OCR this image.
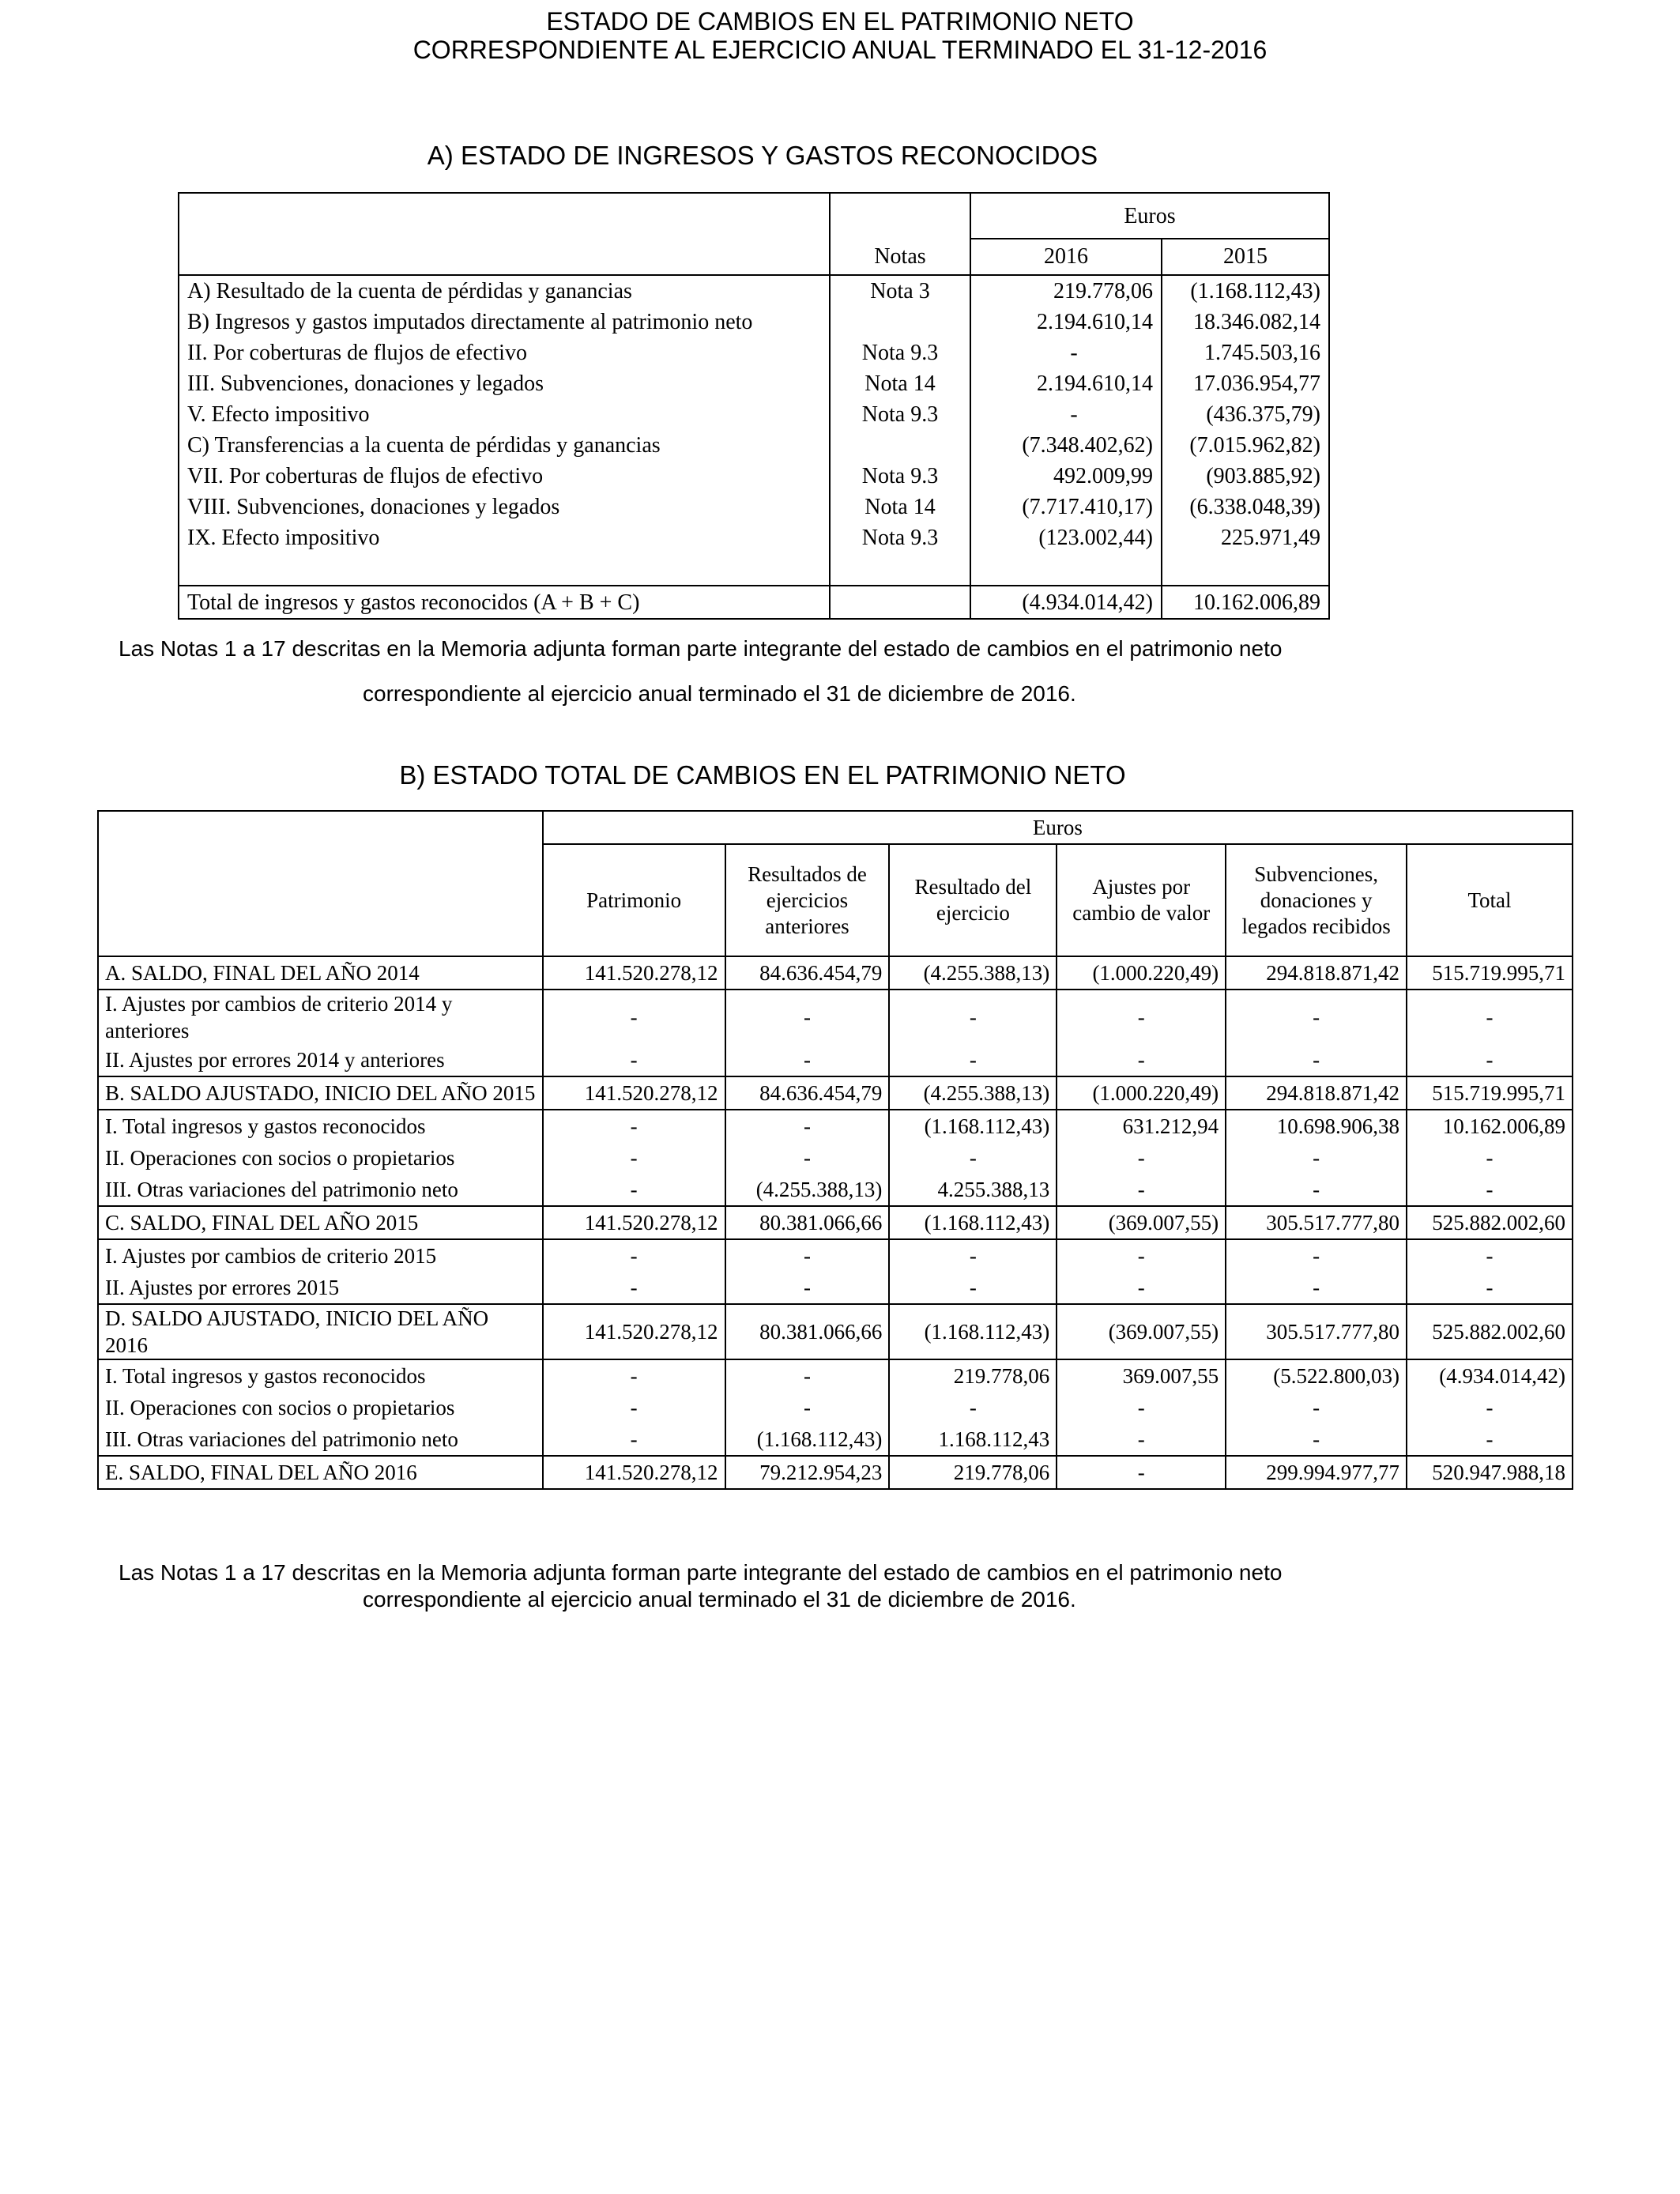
ESTADO DE CAMBIOS EN EL PATRIMONIO NETO
CORRESPONDIENTE AL EJERCICIO ANUAL TERMINADO EL 31-12-2016
A) ESTADO DE INGRESOS Y GASTOS RECONOCIDOS
		Euros	
	Notas	2016	2015
A) Resultado de la cuenta de pérdidas y ganancias	Nota 3	219.778,06	(1.168.112,43)
B) Ingresos y gastos imputados directamente al patrimonio neto		2.194.610,14	18.346.082,14
II. Por coberturas de flujos de efectivo	Nota 9.3	-	1.745.503,16
III. Subvenciones, donaciones y legados	Nota 14	2.194.610,14	17.036.954,77
V. Efecto impositivo	Nota 9.3	-	(436.375,79)
C) Transferencias a la cuenta de pérdidas y ganancias		(7.348.402,62)	(7.015.962,82)
VII. Por coberturas de flujos de efectivo	Nota 9.3	492.009,99	(903.885,92)
VIII. Subvenciones, donaciones y legados	Nota 14	(7.717.410,17)	(6.338.048,39)
IX. Efecto impositivo	Nota 9.3	(123.002,44)	225.971,49

Total de ingresos y gastos reconocidos (A + B + C)		(4.934.014,42)	10.162.006,89
Las Notas 1 a 17 descritas en la Memoria adjunta forman parte integrante del estado de cambios en el patrimonio neto
correspondiente al ejercicio anual terminado el 31 de diciembre de 2016.
B) ESTADO TOTAL DE CAMBIOS EN EL PATRIMONIO NETO
	Euros					
	Patrimonio	Resultados de ejercicios anteriores	Resultado del ejercicio	Ajustes por cambio de valor	Subvenciones, donaciones y legados recibidos	Total
A. SALDO, FINAL DEL AÑO 2014	141.520.278,12	84.636.454,79	(4.255.388,13)	(1.000.220,49)	294.818.871,42	515.719.995,71
I. Ajustes por cambios de criterio 2014 y anteriores	-	-	-	-	-	-
II. Ajustes por errores 2014 y anteriores	-	-	-	-	-	-
B. SALDO AJUSTADO, INICIO DEL AÑO 2015	141.520.278,12	84.636.454,79	(4.255.388,13)	(1.000.220,49)	294.818.871,42	515.719.995,71
I. Total ingresos y gastos reconocidos	-	-	(1.168.112,43)	631.212,94	10.698.906,38	10.162.006,89
II. Operaciones con socios o propietarios	-	-	-	-	-	-
III. Otras variaciones del patrimonio neto	-	(4.255.388,13)	4.255.388,13	-	-	-
C. SALDO, FINAL DEL AÑO 2015	141.520.278,12	80.381.066,66	(1.168.112,43)	(369.007,55)	305.517.777,80	525.882.002,60
I. Ajustes por cambios de criterio 2015	-	-	-	-	-	-
II. Ajustes por errores 2015	-	-	-	-	-	-
D. SALDO AJUSTADO, INICIO DEL AÑO 2016	141.520.278,12	80.381.066,66	(1.168.112,43)	(369.007,55)	305.517.777,80	525.882.002,60
I. Total ingresos y gastos reconocidos	-	-	219.778,06	369.007,55	(5.522.800,03)	(4.934.014,42)
II. Operaciones con socios o propietarios	-	-	-	-	-	-
III. Otras variaciones del patrimonio neto	-	(1.168.112,43)	1.168.112,43	-	-	-
E. SALDO, FINAL DEL AÑO 2016	141.520.278,12	79.212.954,23	219.778,06	-	299.994.977,77	520.947.988,18
Las Notas 1 a 17 descritas en la Memoria adjunta forman parte integrante del estado de cambios en el patrimonio neto
correspondiente al ejercicio anual terminado el 31 de diciembre de 2016.
